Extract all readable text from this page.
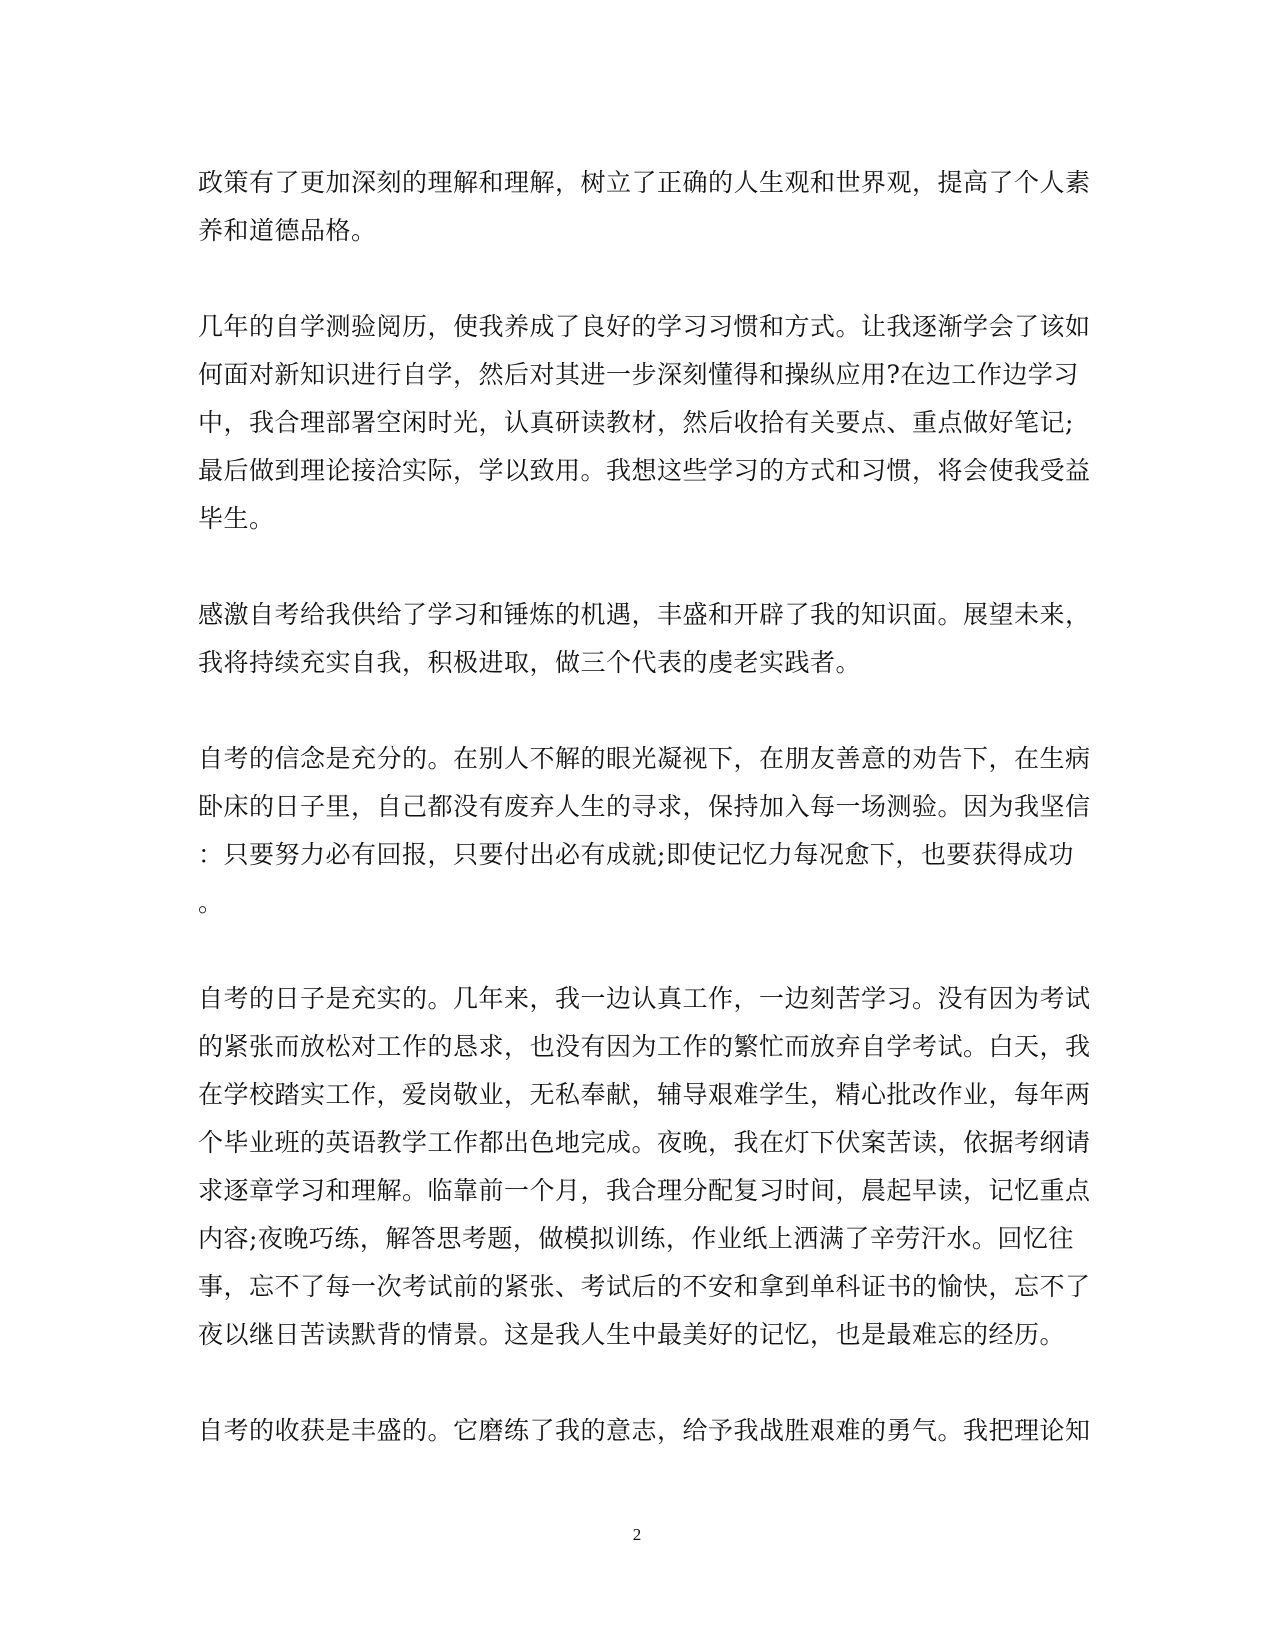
政策有了更加深刻的理解和理解，树立了正确的人生观和世界观，提高了个人素
养和道德品格。

几年的自学测验阅历，使我养成了良好的学习习惯和方式。让我逐渐学会了该如
何面对新知识进行自学，然后对其进一步深刻懂得和操纵应用?在边工作边学习
中，我合理部署空闲时光，认真研读教材，然后收拾有关要点、重点做好笔记;
最后做到理论接洽实际，学以致用。我想这些学习的方式和习惯，将会使我受益
毕生。

感激自考给我供给了学习和锤炼的机遇，丰盛和开辟了我的知识面。展望未来，
我将持续充实自我，积极进取，做三个代表的虔老实践者。

自考的信念是充分的。在别人不解的眼光凝视下，在朋友善意的劝告下，在生病
卧床的日子里，自己都没有废弃人生的寻求，保持加入每一场测验。因为我坚信
：只要努力必有回报，只要付出必有成就;即使记忆力每况愈下，也要获得成功
。

自考的日子是充实的。几年来，我一边认真工作，一边刻苦学习。没有因为考试
的紧张而放松对工作的恳求，也没有因为工作的繁忙而放弃自学考试。白天，我
在学校踏实工作，爱岗敬业，无私奉献，辅导艰难学生，精心批改作业，每年两
个毕业班的英语教学工作都出色地完成。夜晚，我在灯下伏案苦读，依据考纲请
求逐章学习和理解。临靠前一个月，我合理分配复习时间，晨起早读，记忆重点
内容;夜晚巧练，解答思考题，做模拟训练，作业纸上洒满了辛劳汗水。回忆往
事，忘不了每一次考试前的紧张、考试后的不安和拿到单科证书的愉快，忘不了
夜以继日苦读默背的情景。这是我人生中最美好的记忆，也是最难忘的经历。

自考的收获是丰盛的。它磨练了我的意志，给予我战胜艰难的勇气。我把理论知

2
